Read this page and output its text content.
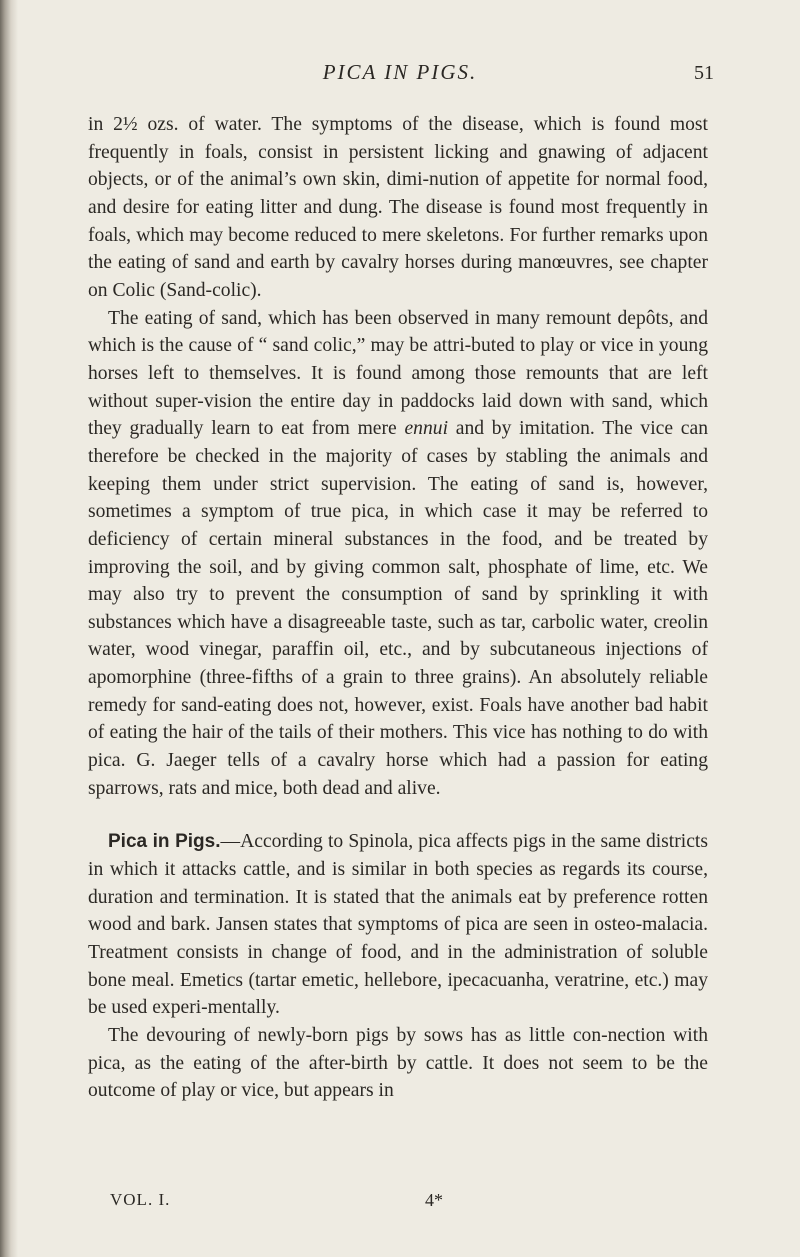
PICA IN PIGS.	51

in 2½ ozs. of water. The symptoms of the disease, which is found most frequently in foals, consist in persistent licking and gnawing of adjacent objects, or of the animal’s own skin, dimi-nution of appetite for normal food, and desire for eating litter and dung. The disease is found most frequently in foals, which may become reduced to mere skeletons. For further remarks upon the eating of sand and earth by cavalry horses during manœuvres, see chapter on Colic (Sand-colic).

The eating of sand, which has been observed in many remount depôts, and which is the cause of “ sand colic,” may be attri-buted to play or vice in young horses left to themselves. It is found among those remounts that are left without super-vision the entire day in paddocks laid down with sand, which they gradually learn to eat from mere ennui and by imitation. The vice can therefore be checked in the majority of cases by stabling the animals and keeping them under strict supervision. The eating of sand is, however, sometimes a symptom of true pica, in which case it may be referred to deficiency of certain mineral substances in the food, and be treated by improving the soil, and by giving common salt, phosphate of lime, etc. We may also try to prevent the consumption of sand by sprinkling it with substances which have a disagreeable taste, such as tar, carbolic water, creolin water, wood vinegar, paraffin oil, etc., and by subcutaneous injections of apomorphine (three-fifths of a grain to three grains). An absolutely reliable remedy for sand-eating does not, however, exist. Foals have another bad habit of eating the hair of the tails of their mothers. This vice has nothing to do with pica. G. Jaeger tells of a cavalry horse which had a passion for eating sparrows, rats and mice, both dead and alive.

Pica in Pigs.—According to Spinola, pica affects pigs in the same districts in which it attacks cattle, and is similar in both species as regards its course, duration and termination. It is stated that the animals eat by preference rotten wood and bark. Jansen states that symptoms of pica are seen in osteo-malacia. Treatment consists in change of food, and in the administration of soluble bone meal. Emetics (tartar emetic, hellebore, ipecacuanha, veratrine, etc.) may be used experi-mentally.

The devouring of newly-born pigs by sows has as little con-nection with pica, as the eating of the after-birth by cattle. It does not seem to be the outcome of play or vice, but appears in

VOL. I.	4*
